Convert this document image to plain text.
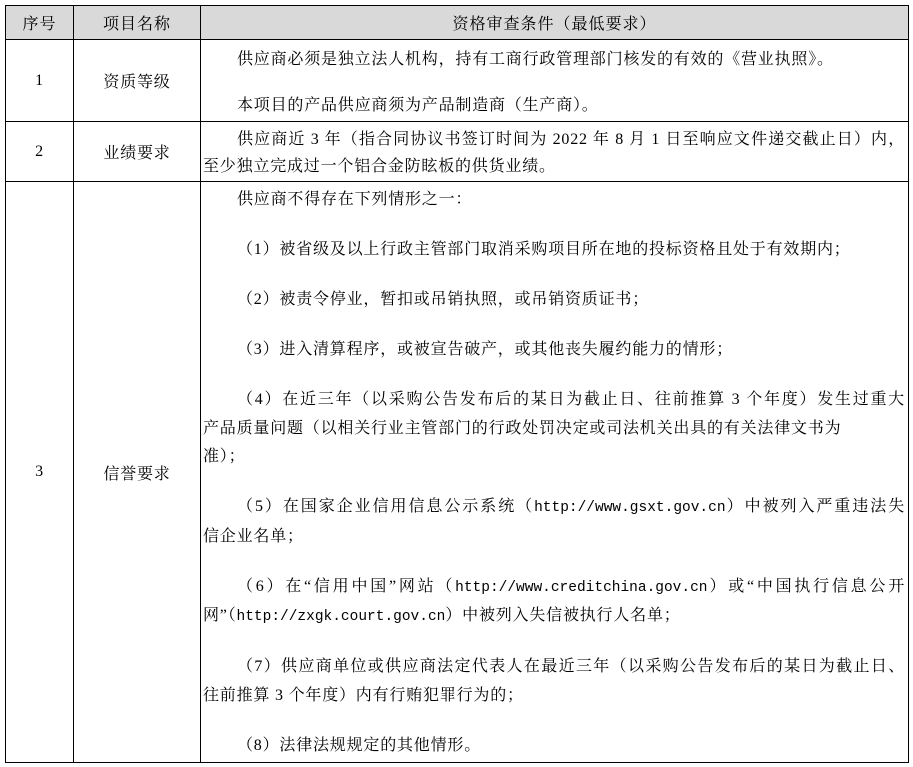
序号	项目名称	资格审查条件（最低要求）
1	资质等级
供应商必须是独立法人机构，持有工商行政管理部门核发的有效的《营业执照》。
本项目的产品供应商须为产品制造商（生产商）。
2	业绩要求
供应商近 3 年（指合同协议书签订时间为 2022 年 8 月 1 日至响应文件递交截止日）内，
至少独立完成过一个铝合金防眩板的供货业绩。
3	信誉要求
供应商不得存在下列情形之一：
（1）被省级及以上行政主管部门取消采购项目所在地的投标资格且处于有效期内；
（2）被责令停业，暂扣或吊销执照，或吊销资质证书；
（3）进入清算程序，或被宣告破产，或其他丧失履约能力的情形；
（4）在近三年（以采购公告发布后的某日为截止日、往前推算 3 个年度）发生过重大
产品质量问题（以相关行业主管部门的行政处罚决定或司法机关出具的有关法律文书为
准）；
（5）在国家企业信用信息公示系统（http://www.gsxt.gov.cn）中被列入严重违法失
信企业名单；
（6）在“信用中国”网站（http://www.creditchina.gov.cn）或“中国执行信息公开
网”（http://zxgk.court.gov.cn）中被列入失信被执行人名单；
（7）供应商单位或供应商法定代表人在最近三年（以采购公告发布后的某日为截止日、
往前推算 3 个年度）内有行贿犯罪行为的；
（8）法律法规规定的其他情形。
